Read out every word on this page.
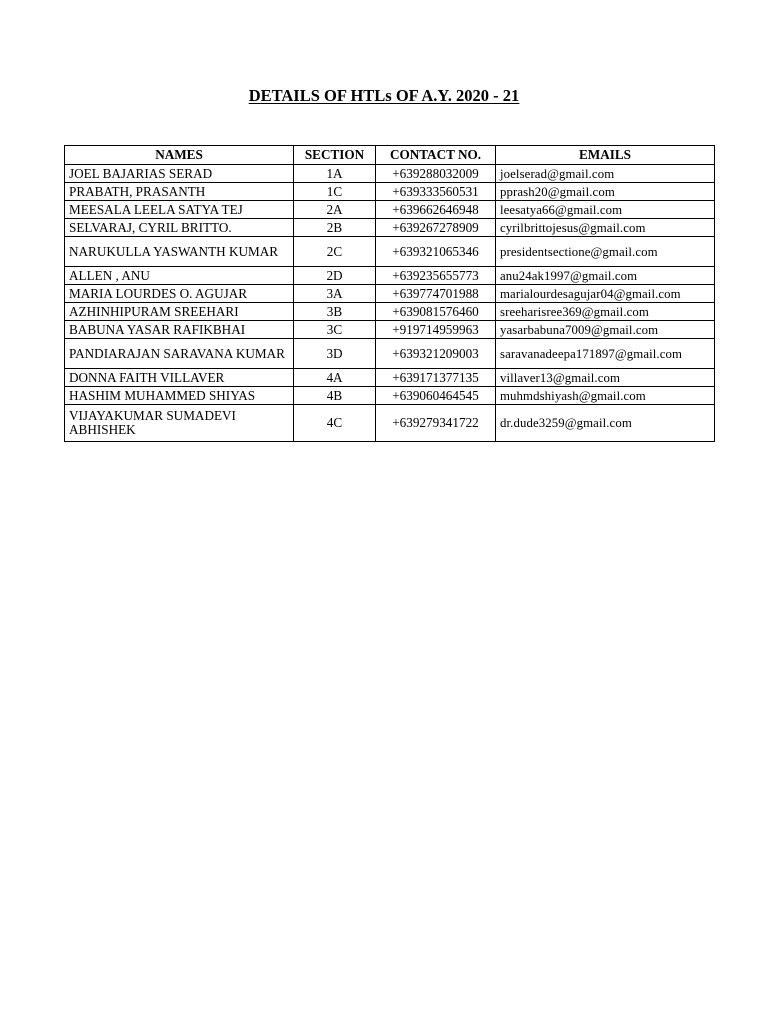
DETAILS OF HTLs OF A.Y. 2020 - 21
NAMES	SECTION	CONTACT NO.	EMAILS
JOEL BAJARIAS SERAD	1A	+639288032009	joelserad@gmail.com
PRABATH, PRASANTH	1C	+639333560531	pprash20@gmail.com
MEESALA LEELA SATYA TEJ	2A	+639662646948	leesatya66@gmail.com
SELVARAJ, CYRIL BRITTO.	2B	+639267278909	cyrilbrittojesus@gmail.com
NARUKULLA YASWANTH KUMAR	2C	+639321065346	presidentsectione@gmail.com
ALLEN , ANU	2D	+639235655773	anu24ak1997@gmail.com
MARIA LOURDES O. AGUJAR	3A	+639774701988	marialourdesagujar04@gmail.com
AZHINHIPURAM SREEHARI	3B	+639081576460	sreeharisree369@gmail.com
BABUNA YASAR RAFIKBHAI	3C	+919714959963	yasarbabuna7009@gmail.com
PANDIARAJAN SARAVANA KUMAR	3D	+639321209003	saravanadeepa171897@gmail.com
DONNA FAITH VILLAVER	4A	+639171377135	villaver13@gmail.com
HASHIM MUHAMMED SHIYAS	4B	+639060464545	muhmdshiyash@gmail.com
VIJAYAKUMAR SUMADEVI ABHISHEK	4C	+639279341722	dr.dude3259@gmail.com
